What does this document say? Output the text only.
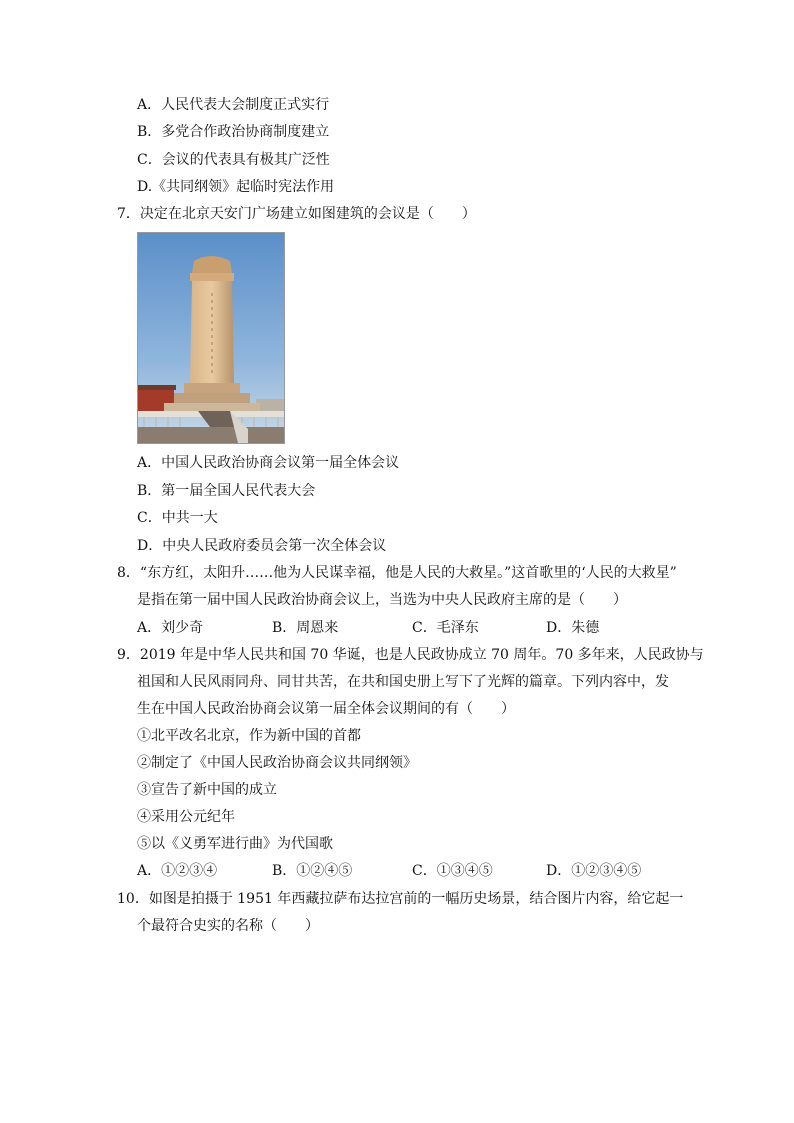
A．人民代表大会制度正式实行
B．多党合作政治协商制度建立
C．会议的代表具有极其广泛性
D.《共同纲领》起临时宪法作用
7．决定在北京天安门广场建立如图建筑的会议是（　　）
A．中国人民政治协商会议第一届全体会议
B．第一届全国人民代表大会
C．中共一大
D．中央人民政府委员会第一次全体会议
8．“东方红，太阳升……他为人民谋幸福，他是人民的大救星。”这首歌里的‘人民的大救星”
是指在第一届中国人民政治协商会议上，当选为中央人民政府主席的是（　　）
A．刘少奇	B．周恩来	C．毛泽东	D．朱德
9．2019 年是中华人民共和国 70 华诞，也是人民政协成立 70 周年。70 多年来，人民政协与
祖国和人民风雨同舟、同甘共苦，在共和国史册上写下了光辉的篇章。下列内容中，发
生在中国人民政治协商会议第一届全体会议期间的有（　　）
①北平改名北京，作为新中国的首都
②制定了《中国人民政治协商会议共同纲领》
③宣告了新中国的成立
④采用公元纪年
⑤以《义勇军进行曲》为代国歌
A．①②③④	B．①②④⑤	C．①③④⑤	D．①②③④⑤
10．如图是拍摄于 1951 年西藏拉萨布达拉宫前的一幅历史场景，结合图片内容，给它起一
个最符合史实的名称（　　）
